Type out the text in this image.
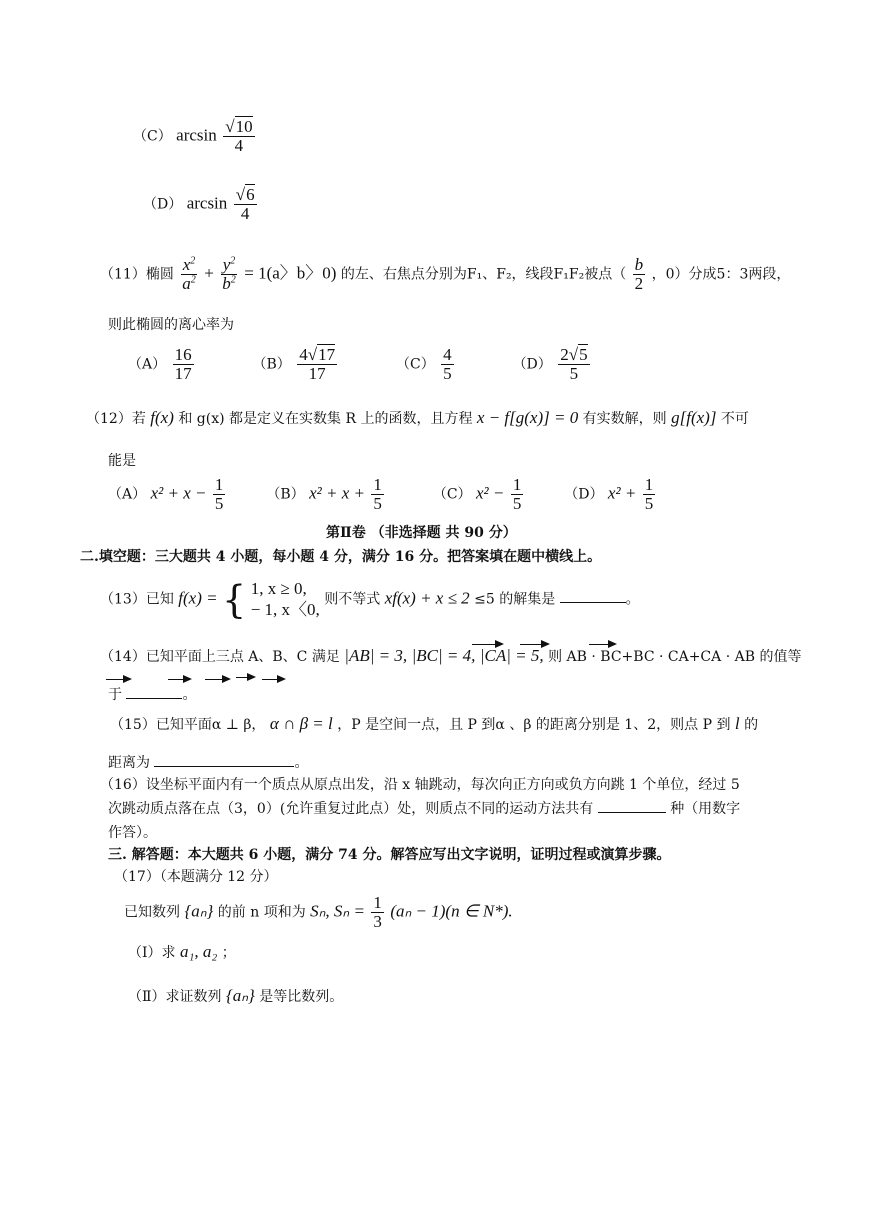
（C） $\arcsin \frac{√10}{4}$
（D） $\arcsin \frac{√6}{4}$
（11）椭圆 $\frac{x^2}{a^2} + \frac{y^2}{b^2} = 1(a$〉b〉0) 的左、右焦点分别为F₁、F₂，线段F₁F₂被点（ $\frac{b}{2}$ ，0）分成5：3两段，
则此椭圆的离心率为
$(A) \frac{16}{17}$	$(B) \frac{4√17}{17}$	$(C) \frac{4}{5}$	$(D) \frac{2√5}{5}$
（12）若 f(x) 和 g(x) 都是定义在实数集 R 上的函数，且方程 x − f[g(x)] = 0 有实数解，则 g[f(x)] 不可
能是
（A） $x^2 + x - \frac{1}{5}$	（B） $x^2 + x + \frac{1}{5}$	（C） $x^2 - \frac{1}{5}$	（D） $x^2 + \frac{1}{5}$
第Ⅱ卷 （非选择题 共 90 分）
二.填空题：三大题共 4 小题，每小题 4 分，满分 16 分。把答案填在题中横线上。
（13）已知 f(x) = { 1, x ≥ 0,
− 1, x〈0,
则不等式 xf(x) + x ≤ 2 ≤5 的解集是	。
（14）已知平面上三点 A、B、C 满足 |AB| = 3, |BC| = 4, |CA| = 5, 则 AB · BC+BC · CA+CA · AB 的值等
于	。
（15）已知平面α ⊥ β， α ∩ β = l ，P 是空间一点，且 P 到α 、β 的距离分别是 1、2，则点 P 到 l 的
距离为	。
（16）设坐标平面内有一个质点从原点出发，沿 x 轴跳动，每次向正方向或负方向跳 1 个单位，经过 5
次跳动质点落在点（3，0）(允许重复过此点）处，则质点不同的运动方法共有	种（用数字
作答）。
三. 解答题：本大题共 6 小题，满分 74 分。解答应写出文字说明，证明过程或演算步骤。
（17）（本题满分 12 分）
已知数列 {aₙ} 的前 n 项和为 Sₙ, $S_n = \frac{1}{3} (a_n - 1)(n$ ∈ N*).
（Ⅰ）求 a₁, a₂ ；
（Ⅱ）求证数列 {aₙ} 是等比数列。
